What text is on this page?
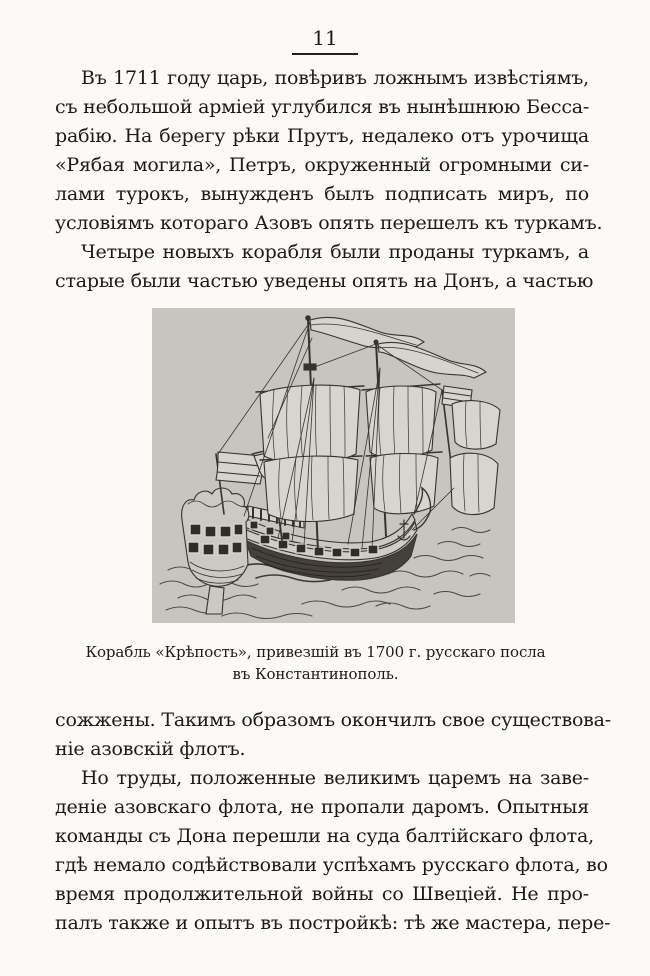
11
Въ 1711 году царь, повѣривъ ложнымъ извѣстіямъ,
съ небольшой арміей углубился въ нынѣшнюю Бесса-
рабію. На берегу рѣки Прутъ, недалеко отъ урочища
«Рябая могила», Петръ, окруженный огромными си-
лами турокъ, вынужденъ былъ подписать миръ, по
условіямъ котораго Азовъ опять перешелъ къ туркамъ.
Четыре новыхъ корабля были проданы туркамъ, а
старые были частью уведены опять на Донъ, а частью
Корабль «Крѣпость», привезшій въ 1700 г. русскаго посла
въ Константинополь.
сожжены. Такимъ образомъ окончилъ свое существова-
ніе азовскій флотъ.
Но труды, положенные великимъ царемъ на заве-
деніе азовскаго флота, не пропали даромъ. Опытныя
команды съ Дона перешли на суда балтійскаго флота,
гдѣ немало содѣйствовали успѣхамъ русскаго флота, во
время продолжительной войны со Швеціей. Не про-
палъ также и опытъ въ постройкѣ: тѣ же мастера, пере-
